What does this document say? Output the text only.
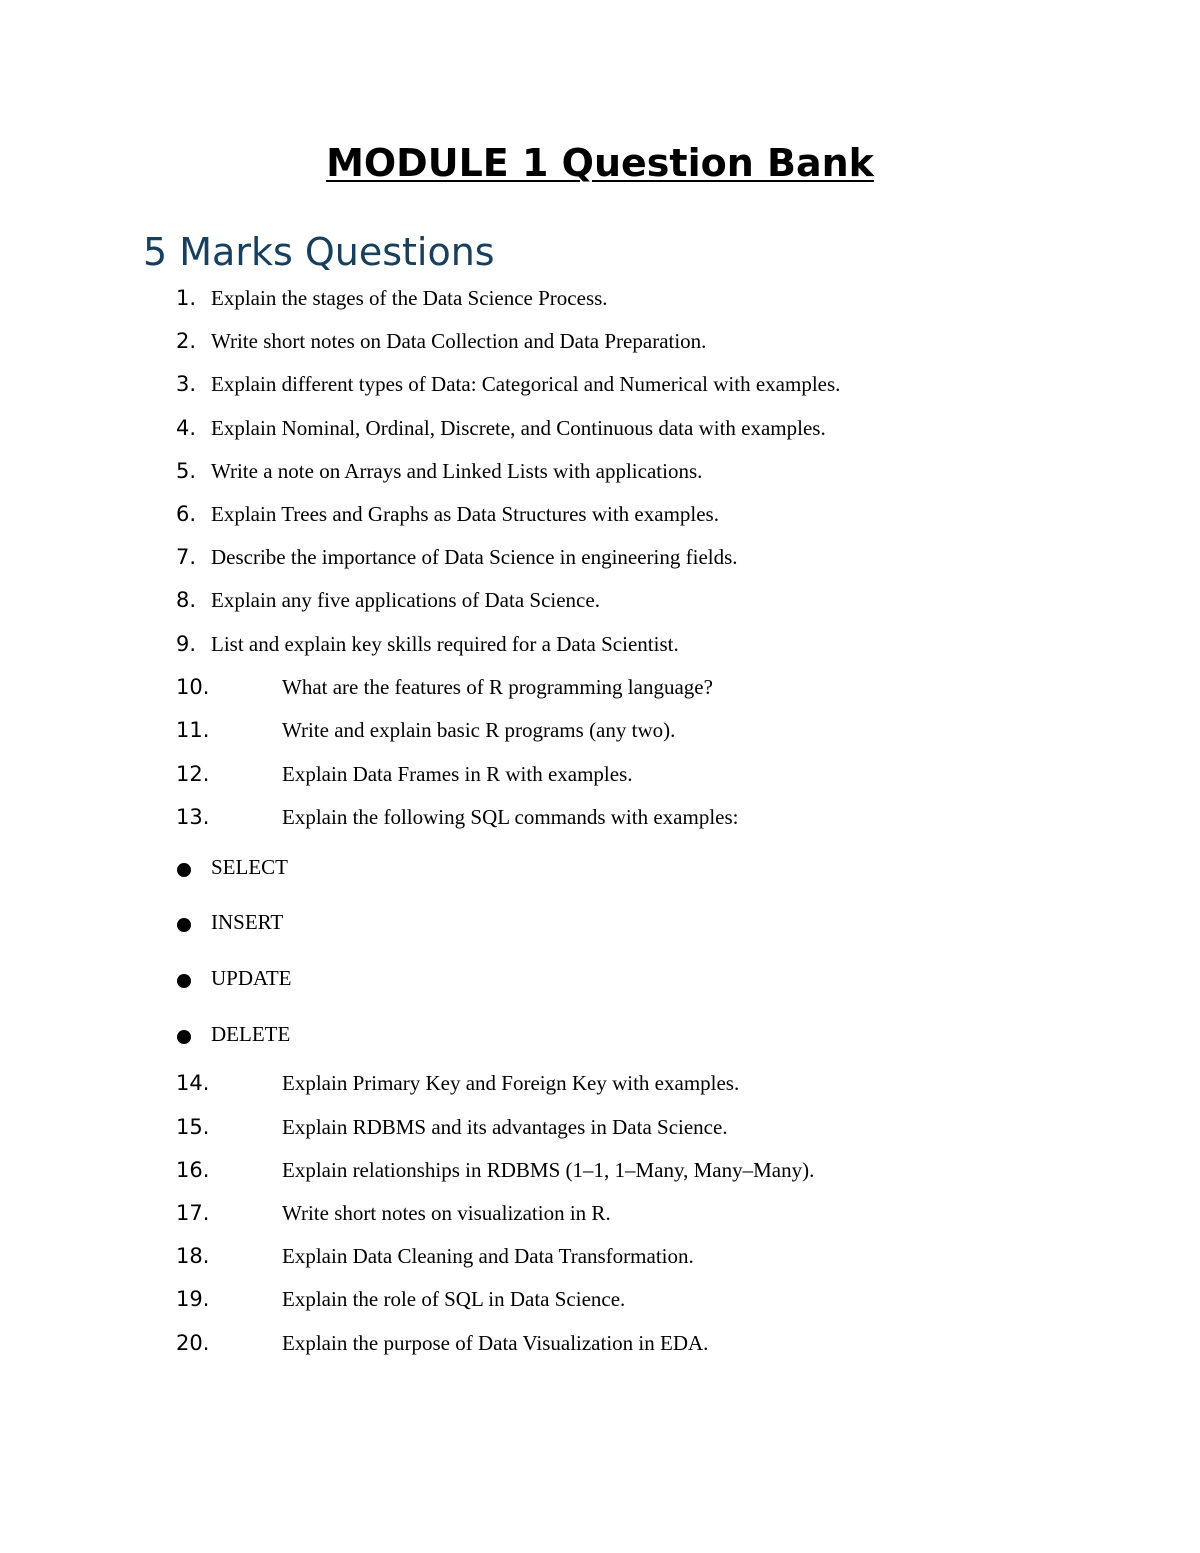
MODULE 1 Question Bank
5 Marks Questions
1. Explain the stages of the Data Science Process.
2. Write short notes on Data Collection and Data Preparation.
3. Explain different types of Data: Categorical and Numerical with examples.
4. Explain Nominal, Ordinal, Discrete, and Continuous data with examples.
5. Write a note on Arrays and Linked Lists with applications.
6. Explain Trees and Graphs as Data Structures with examples.
7. Describe the importance of Data Science in engineering fields.
8. Explain any five applications of Data Science.
9. List and explain key skills required for a Data Scientist.
10.	What are the features of R programming language?
11.	Write and explain basic R programs (any two).
12.	Explain Data Frames in R with examples.
13.	Explain the following SQL commands with examples:
SELECT
INSERT
UPDATE
DELETE
14.	Explain Primary Key and Foreign Key with examples.
15.	Explain RDBMS and its advantages in Data Science.
16.	Explain relationships in RDBMS (1–1, 1–Many, Many–Many).
17.	Write short notes on visualization in R.
18.	Explain Data Cleaning and Data Transformation.
19.	Explain the role of SQL in Data Science.
20.	Explain the purpose of Data Visualization in EDA.
